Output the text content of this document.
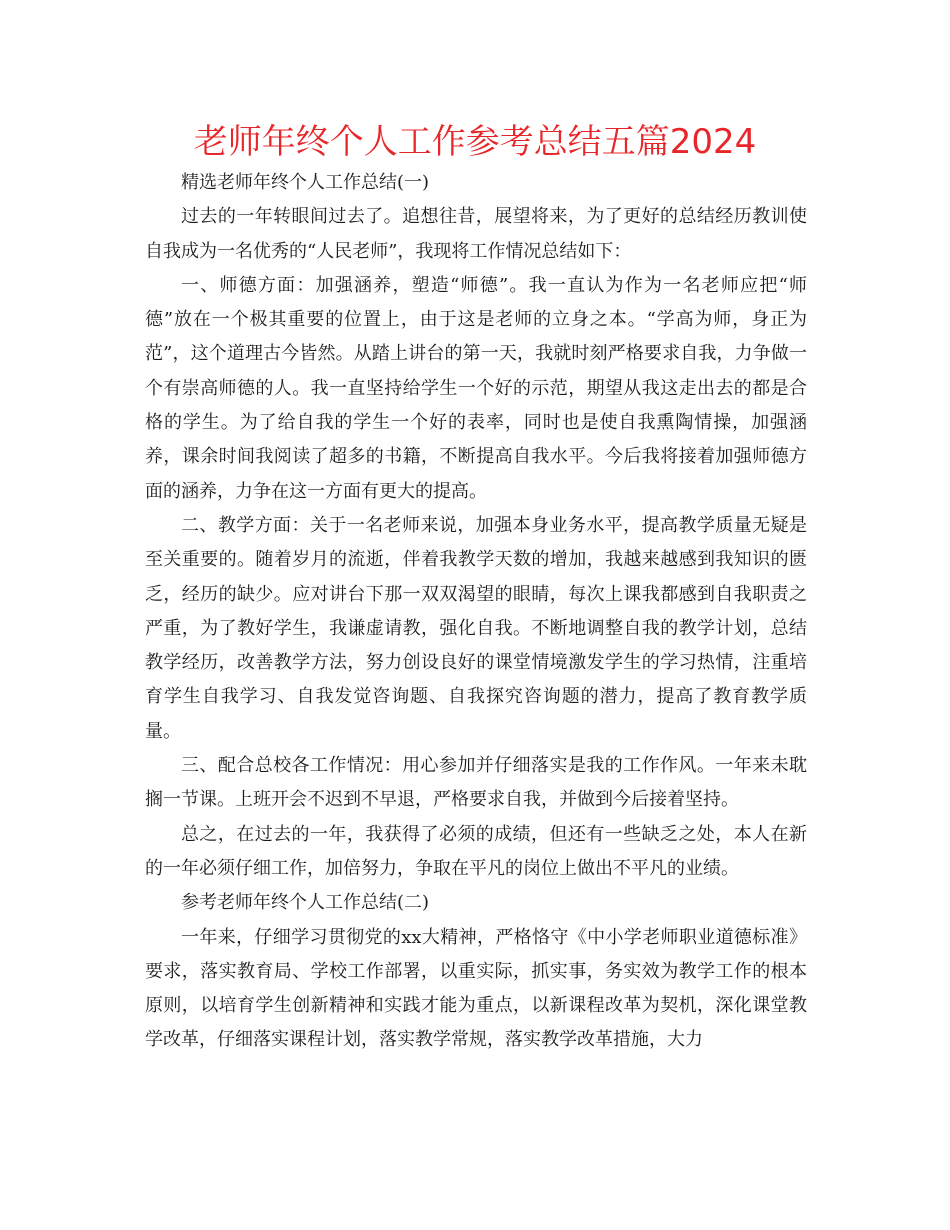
老师年终个人工作参考总结五篇2024

精选老师年终个人工作总结(一)

过去的一年转眼间过去了。追想往昔，展望将来，为了更好的总结经历教训使自我成为一名优秀的“人民老师”，我现将工作情况总结如下：

一、师德方面：加强涵养，塑造“师德”。我一直认为作为一名老师应把“师德”放在一个极其重要的位置上，由于这是老师的立身之本。“学高为师，身正为范”，这个道理古今皆然。从踏上讲台的第一天，我就时刻严格要求自我，力争做一个有崇高师德的人。我一直坚持给学生一个好的示范，期望从我这走出去的都是合格的学生。为了给自我的学生一个好的表率，同时也是使自我熏陶情操，加强涵养，课余时间我阅读了超多的书籍，不断提高自我水平。今后我将接着加强师德方面的涵养，力争在这一方面有更大的提高。

二、教学方面：关于一名老师来说，加强本身业务水平，提高教学质量无疑是至关重要的。随着岁月的流逝，伴着我教学天数的增加，我越来越感到我知识的匮乏，经历的缺少。应对讲台下那一双双渴望的眼睛，每次上课我都感到自我职责之严重，为了教好学生，我谦虚请教，强化自我。不断地调整自我的教学计划，总结教学经历，改善教学方法，努力创设良好的课堂情境激发学生的学习热情，注重培育学生自我学习、自我发觉咨询题、自我探究咨询题的潜力，提高了教育教学质量。

三、配合总校各工作情况：用心参加并仔细落实是我的工作作风。一年来未耽搁一节课。上班开会不迟到不早退，严格要求自我，并做到今后接着坚持。

总之，在过去的一年，我获得了必须的成绩，但还有一些缺乏之处，本人在新的一年必须仔细工作，加倍努力，争取在平凡的岗位上做出不平凡的业绩。

参考老师年终个人工作总结(二)

一年来，仔细学习贯彻党的xx大精神，严格恪守《中小学老师职业道德标准》要求，落实教育局、学校工作部署，以重实际，抓实事，务实效为教学工作的根本原则，以培育学生创新精神和实践才能为重点，以新课程改革为契机，深化课堂教学改革，仔细落实课程计划，落实教学常规，落实教学改革措施，大力
